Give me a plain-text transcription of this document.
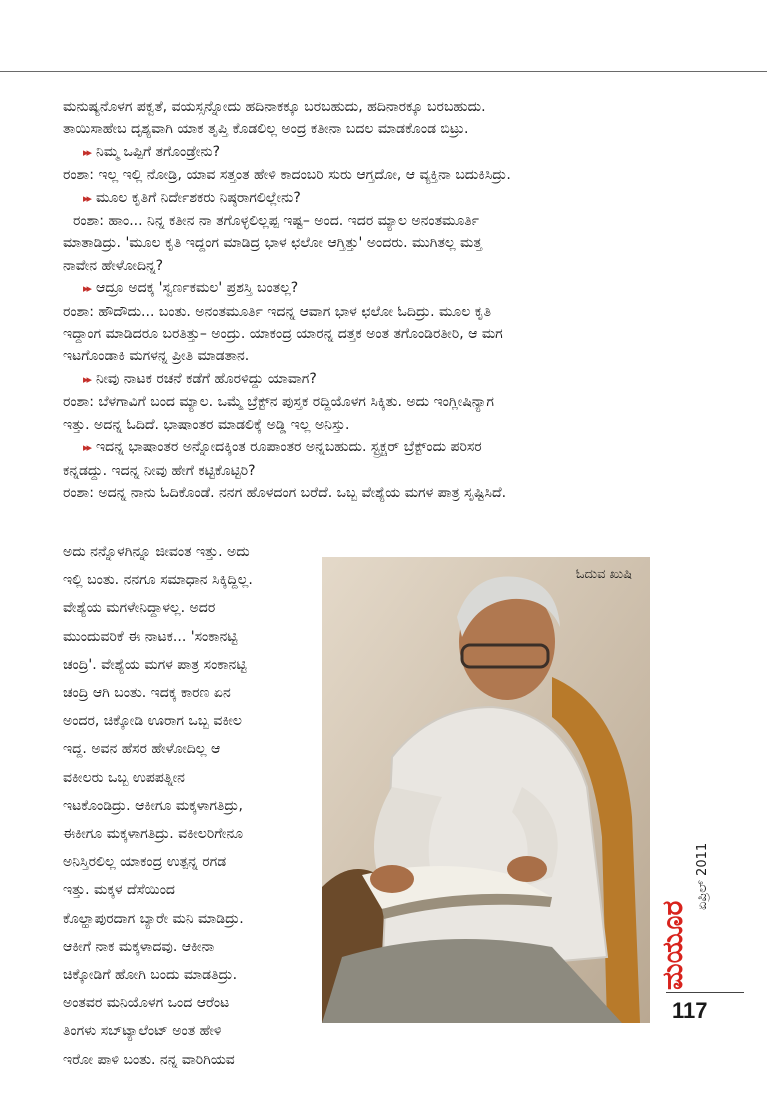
ಮನುಷ್ಯನೊಳಗ ಪಕ್ವತೆ, ವಯಸ್ಸನ್ನೋದು ಹದಿನಾಕಕ್ಕೂ ಬರಬಹುದು, ಹದಿನಾರಕ್ಕೂ ಬರಬಹುದು.
ತಾಯಿಸಾಹೇಬ ದೃಶ್ಯವಾಗಿ ಯಾಕ ತೃಪ್ತಿ ಕೊಡಲಿಲ್ಲ ಅಂದ್ರ ಕತೀನಾ ಬದಲ ಮಾಡಕೊಂಡ ಬಿಟ್ರು.
▸▸ ನಿಮ್ಮ ಒಪ್ಪಿಗೆ ತಗೊಂಡ್ರೇನು?
ರಂಶಾ: ಇಲ್ಲ ಇಲ್ಲಿ ನೋಡ್ರಿ, ಯಾವ ಸತ್ತಂತ ಹೇಳಿ ಕಾದಂಬರಿ ಸುರು ಆಗ್ತದೋ, ಆ ವ್ಯಕ್ತಿನಾ ಬದುಕಿಸಿದ್ರು.
▸▸ ಮೂಲ ಕೃತಿಗೆ ನಿರ್ದೇಶಕರು ನಿಷ್ಠರಾಗಲಿಲ್ಲೇನು?
ರಂಶಾ: ಹಾಂ... ನಿನ್ನ ಕತೀನ ನಾ ತಗೊಳ್ಳಲಿಲ್ಲಪ್ಪ ಇಷ್ಟ– ಅಂದ. ಇದರ ಮ್ಯಾಲ ಅನಂತಮೂರ್ತಿ
ಮಾತಾಡಿದ್ರು. 'ಮೂಲ ಕೃತಿ ಇದ್ದಂಗ ಮಾಡಿದ್ರ ಭಾಳ ಛಲೋ ಆಗ್ತಿತ್ತು' ಅಂದರು. ಮುಗಿತಲ್ಲ ಮತ್ತ
ನಾವೇನ ಹೇಳೋದಿನ್ನ?
▸▸ ಆದ್ರೂ ಅದಕ್ಕ 'ಸ್ವರ್ಣಕಮಲ' ಪ್ರಶಸ್ತಿ ಬಂತಲ್ಲ?
ರಂಶಾ: ಹೌದೌದು... ಬಂತು. ಅನಂತಮೂರ್ತಿ ಇದನ್ನ ಆವಾಗ ಭಾಳ ಛಲೋ ಓದಿದ್ರು. ಮೂಲ ಕೃತಿ
ಇದ್ದಾಂಗ ಮಾಡಿದರೂ ಬರತಿತ್ತು– ಅಂದ್ರು. ಯಾಕಂದ್ರ ಯಾರನ್ನ ದತ್ತಕ ಅಂತ ತಗೊಂಡಿರತೀರಿ, ಆ ಮಗ
ಇಟಗೊಂಡಾಕಿ ಮಗಳನ್ನ ಪ್ರೀತಿ ಮಾಡತಾನ.
▸▸ ನೀವು ನಾಟಕ ರಚನೆ ಕಡೆಗೆ ಹೊರಳಿದ್ದು ಯಾವಾಗ?
ರಂಶಾ: ಬೆಳಗಾವಿಗೆ ಬಂದ ಮ್ಯಾಲ. ಒಮ್ಮೆ ಬ್ರೆಕ್ಟ್‌ನ ಪುಸ್ತಕ ರದ್ದಿಯೊಳಗ ಸಿಕ್ಕಿತು. ಅದು ಇಂಗ್ಲೀಷಿನ್ಯಾಗ
ಇತ್ತು. ಅದನ್ನ ಓದಿದೆ. ಭಾಷಾಂತರ ಮಾಡಲಿಕ್ಕೆ ಅಡ್ಡಿ ಇಲ್ಲ ಅನಿಸ್ತು.
▸▸ ಇದನ್ನ ಭಾಷಾಂತರ ಅನ್ನೋದಕ್ಕಿಂತ ರೂಪಾಂತರ ಅನ್ನಬಹುದು. ಸ್ಟ್ರಕ್ಚರ್ ಬ್ರೆಕ್ಟ್‌ಂದು ಪರಿಸರ
ಕನ್ನಡದ್ದು. ಇದನ್ನ ನೀವು ಹೇಗೆ ಕಟ್ಟಿಕೊಟ್ಟಿರಿ?
ರಂಶಾ: ಅದನ್ನ ನಾನು ಓದಿಕೊಂಡೆ. ನನಗ ಹೊಳದಂಗ ಬರೆದೆ. ಒಬ್ಬ ವೇಶ್ಯೆಯ ಮಗಳ ಪಾತ್ರ ಸೃಷ್ಟಿಸಿದೆ.
ಅದು ನನ್ನೊಳಗಿನ್ನೂ ಜೀವಂತ ಇತ್ತು. ಅದು
ಇಲ್ಲಿ ಬಂತು. ನನಗೂ ಸಮಾಧಾನ ಸಿಕ್ಕಿದ್ದಿಲ್ಲ.
ವೇಶ್ಯೆಯ ಮಗಳೇನಿದ್ದಾಳಲ್ಲ. ಅದರ
ಮುಂದುವರಿಕೆ ಈ ನಾಟಕ... 'ಸಂಕಾನಟ್ಟಿ
ಚಂದ್ರಿ'. ವೇಶ್ಯೆಯ ಮಗಳ ಪಾತ್ರ ಸಂಕಾನಟ್ಟಿ
ಚಂದ್ರಿ ಆಗಿ ಬಂತು. ಇದಕ್ಕ ಕಾರಣ ಏನ
ಅಂದರ, ಚಿಕ್ಕೋಡಿ ಊರಾಗ ಒಬ್ಬ ವಕೀಲ
ಇದ್ದ. ಅವನ ಹೆಸರ ಹೇಳೋದಿಲ್ಲ ಆ
ವಕೀಲರು ಒಬ್ಬ ಉಪಪತ್ನೀನ
ಇಟಕೊಂಡಿದ್ರು. ಆಕೀಗೂ ಮಕ್ಕಳಾಗತಿದ್ರು,
ಈಕೀಗೂ ಮಕ್ಕಳಾಗತಿದ್ರು. ವಕೀಲರಿಗೇನೂ
ಅನಿಸ್ತಿರಲಿಲ್ಲ ಯಾಕಂದ್ರ ಉತ್ಪನ್ನ ರಗಡ
ಇತ್ತು. ಮಕ್ಕಳ ದೆಸೆಯಿಂದ
ಕೊಲ್ಹಾಪುರದಾಗ ಬ್ಯಾರೇ ಮನಿ ಮಾಡಿದ್ರು.
ಆಕೀಗೆ ನಾಕ ಮಕ್ಕಳಾದವು. ಆಕೀನಾ
ಚಿಕ್ಕೋಡಿಗೆ ಹೋಗಿ ಬಂದು ಮಾಡತಿದ್ರು.
ಅಂತವರ ಮನಿಯೊಳಗ ಒಂದ ಆರೆಂಟ
ತಿಂಗಳು ಸಬ್‌ಟ್ಯಾಲೆಂಟ್ ಅಂತ ಹೇಳಿ
ಇರೋ ಪಾಳಿ ಬಂತು. ನನ್ನ ವಾರಿಗಿಯವ
ಓದುವ ಖುಷಿ
ಮಯೂರ
ಏಪ್ರಿಲ್ 2011
117
